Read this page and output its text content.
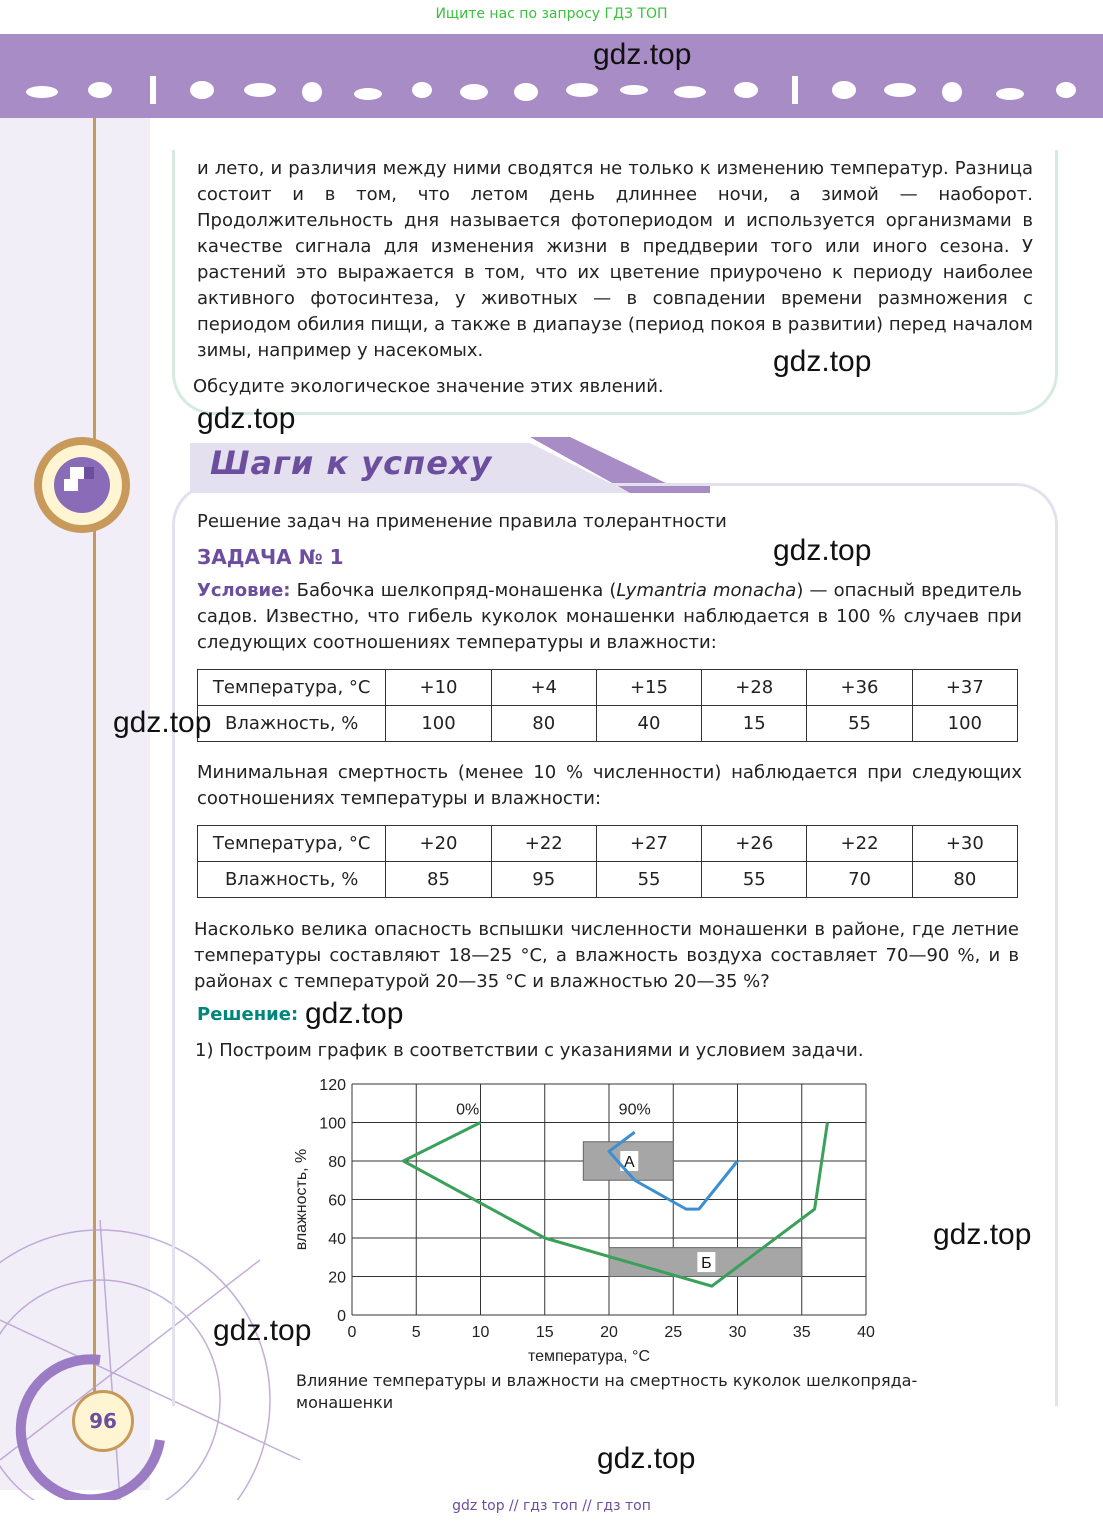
Ищите нас по запросу ГДЗ ТОП
gdz.top
и лето, и различия между ними сводятся не только к изменению температур. Разница состоит и в том, что летом день длиннее ночи, а зимой — наоборот. Продолжительность дня называется фотопериодом и используется организмами в качестве сигнала для изменения жизни в преддверии того или иного сезона. У растений это выражается в том, что их цветение приурочено к периоду наиболее активного фотосинтеза, у животных — в совпадении времени размножения с периодом обилия пищи, а также в диапаузе (период покоя в развитии) перед началом зимы, например у насекомых.
Обсудите экологическое значение этих явлений.
gdz.top
gdz.top
Шаги к успеху
Решение задач на применение правила толерантности
ЗАДАЧА № 1	gdz.top
Условие: Бабочка шелкопряд-монашенка (Lymantria monacha) — опасный вредитель садов. Известно, что гибель куколок монашенки наблюдается в 100 % случаев при следующих соотношениях температуры и влажности:
Температура, °С	+10	+4	+15	+28	+36	+37
Влажность, %	100	80	40	15	55	100
gdz.top
Минимальная смертность (менее 10 % численности) наблюдается при следующих соотношениях температуры и влажности:
Температура, °С	+20	+22	+27	+26	+22	+30
Влажность, %	85	95	55	55	70	80
Насколько велика опасность вспышки численности монашенки в районе, где летние температуры составляют 18—25 °С, а влажность воздуха составляет 70—90 %, и в районах с температурой 20—35 °С и влажностью 20—35 %?
Решение: gdz.top
1) Построим график в соответствии с указаниями и условием задачи.
А
Б
0%	90%
0	5	10	15	20	25	30	35	40
0
20
40
60
80
100
120
температура, °С
влажность, %
Влияние температуры и влажности на смертность куколок шелкопряда-монашенки
gdz.top
gdz.top
gdz.top
96
gdz top // гдз топ // гдз топ
